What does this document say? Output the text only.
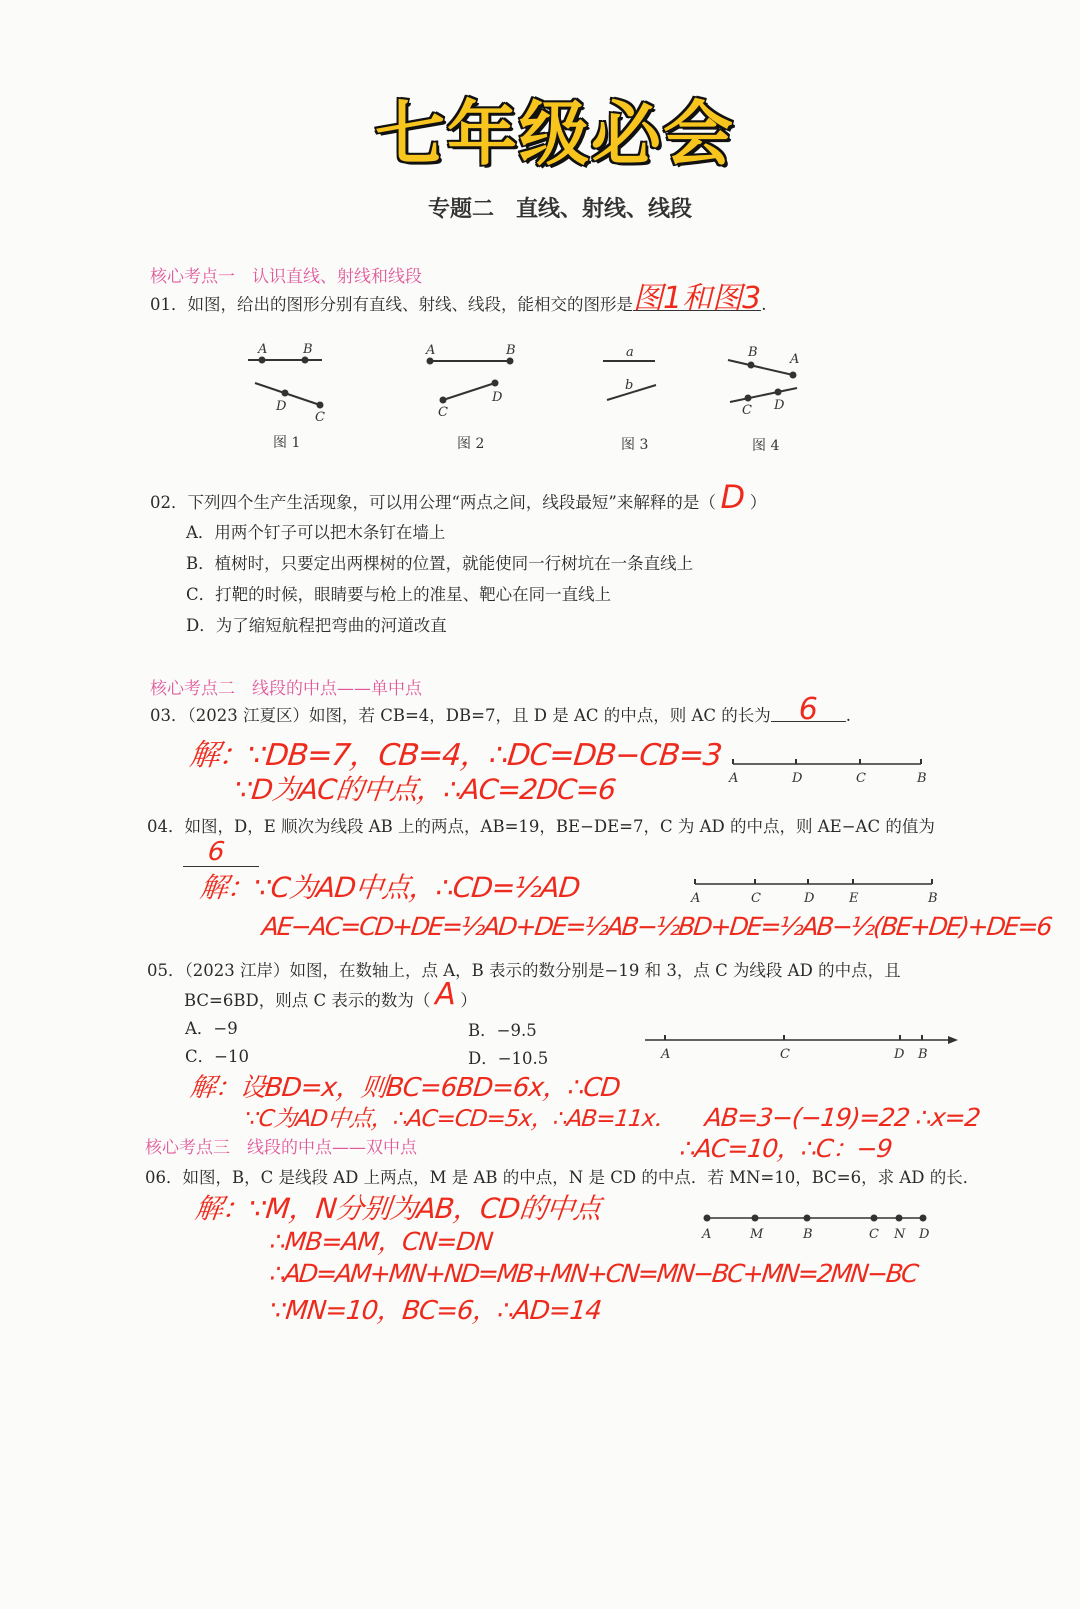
七年级必会
专题二　直线、射线、线段
核心考点一　认识直线、射线和线段
01．如图，给出的图形分别有直线、射线、线段，能相交的图形是图1和图3.
A	B
D
C
图 1
A	B
C
D
图 2
a
b
图 3
B A
C D
图 4
02．下列四个生产生活现象，可以用公理“两点之间，线段最短”来解释的是（ D ）
A．用两个钉子可以把木条钉在墙上
B．植树时，只要定出两棵树的位置，就能使同一行树坑在一条直线上
C．打靶的时候，眼睛要与枪上的准星、靶心在同一直线上
D．为了缩短航程把弯曲的河道改直
核心考点二　线段的中点——单中点
03．（2023 江夏区）如图，若 CB=4，DB=7，且 D 是 AC 的中点，则 AC 的长为 6 .
解：∵DB=7，CB=4，∴DC=DB−CB=3
∵D为AC的中点，∴AC=2DC=6	A	D	C	B
04．如图，D，E 顺次为线段 AB 上的两点，AB=19，BE−DE=7，C 为 AD 的中点，则 AE−AC 的值为
6
解：∵C为AD中点，∴CD=½AD
AE−AC=CD+DE=½AD+DE=½AB−½BD+DE=½AB−½(BE+DE)+DE=6
A	C	D	E	B
05．（2023 江岸）如图，在数轴上，点 A，B 表示的数分别是−19 和 3，点 C 为线段 AD 的中点，且
BC=6BD，则点 C 表示的数为（ A ）
A．−9	B．−9.5
C．−10	D．−10.5	A	C	D B
解：设BD=x，则BC=6BD=6x，∴CD
∵C为AD中点，∴AC=CD=5x，∴AB=11x． AB=3−(−19)=22 ∴x=2
∴AC=10，∴C：−9
核心考点三　线段的中点——双中点
06．如图，B，C 是线段 AD 上两点，M 是 AB 的中点，N 是 CD 的中点．若 MN=10，BC=6，求 AD 的长．
解：∵M，N分别为AB，CD的中点
∴MB=AM，CN=DN
∴AD=AM+MN+ND=MB+MN+CN=MN−BC+MN=2MN−BC
∵MN=10，BC=6，∴AD=14
A	M	B	C N D
